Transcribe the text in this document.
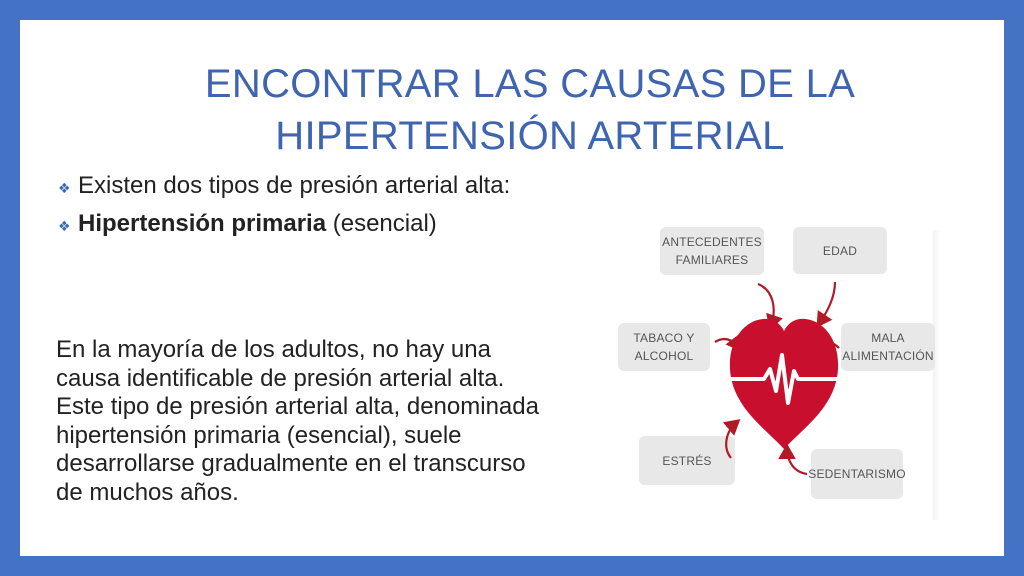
ENCONTRAR LAS CAUSAS DE LA HIPERTENSIÓN ARTERIAL
❖ Existen dos tipos de presión arterial alta:
❖ Hipertensión primaria (esencial)
En la mayoría de los adultos, no hay una causa identificable de presión arterial alta. Este tipo de presión arterial alta, denominada hipertensión primaria (esencial), suele desarrollarse gradualmente en el transcurso de muchos años.
ANTECEDENTES
FAMILIARES
EDAD
TABACO Y
ALCOHOL
MALA
ALIMENTACIÓN
ESTRÉS
SEDENTARISMO
